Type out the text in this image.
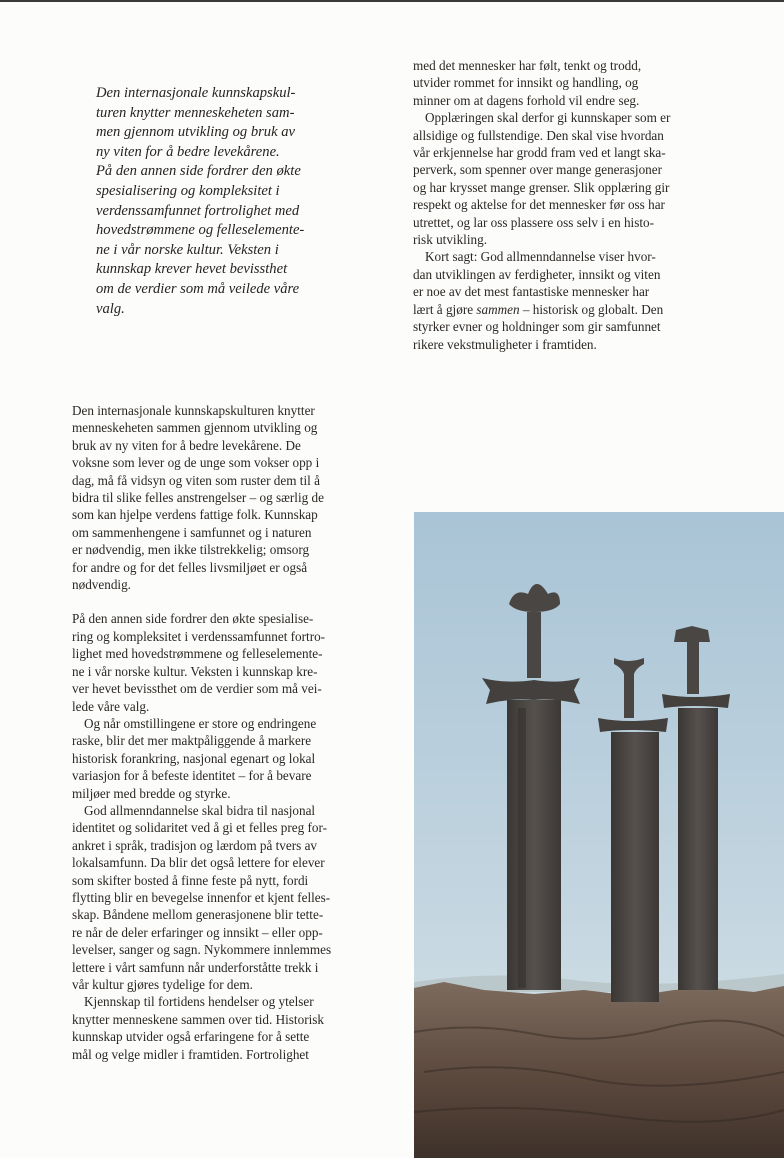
Den internasjonale kunnskapskul-

turen knytter menneskeheten sam-

men gjennom utvikling og bruk av

ny viten for å bedre levekårene.

På den annen side fordrer den økte

spesialisering og kompleksitet i

verdenssamfunnet fortrolighet med

hovedstrømmene og felleselemente-

ne i vår norske kultur. Veksten i

kunnskap krever hevet bevissthet

om de verdier som må veilede våre

valg.

med det mennesker har følt, tenkt og trodd,

utvider rommet for innsikt og handling, og

minner om at dagens forhold vil endre seg.

Opplæringen skal derfor gi kunnskaper som er

allsidige og fullstendige. Den skal vise hvordan

vår erkjennelse har grodd fram ved et langt ska-

perverk, som spenner over mange generasjoner

og har krysset mange grenser. Slik opplæring gir

respekt og aktelse for det mennesker før oss har

utrettet, og lar oss plassere oss selv i en histo-

risk utvikling.

Kort sagt: God allmenndannelse viser hvor-

dan utviklingen av ferdigheter, innsikt og viten

er noe av det mest fantastiske mennesker har

lært å gjøre sammen – historisk og globalt. Den

styrker evner og holdninger som gir samfunnet

rikere vekstmuligheter i framtiden.

Den internasjonale kunnskapskulturen knytter

menneskeheten sammen gjennom utvikling og

bruk av ny viten for å bedre levekårene. De

voksne som lever og de unge som vokser opp i

dag, må få vidsyn og viten som ruster dem til å

bidra til slike felles anstrengelser – og særlig de

som kan hjelpe verdens fattige folk. Kunnskap

om sammenhengene i samfunnet og i naturen

er nødvendig, men ikke tilstrekkelig; omsorg

for andre og for det felles livsmiljøet er også

nødvendig.

På den annen side fordrer den økte spesialise-

ring og kompleksitet i verdenssamfunnet fortro-

lighet med hovedstrømmene og felleselemente-

ne i vår norske kultur. Veksten i kunnskap kre-

ver hevet bevissthet om de verdier som må vei-

lede våre valg.

Og når omstillingene er store og endringene

raske, blir det mer maktpåliggende å markere

historisk forankring, nasjonal egenart og lokal

variasjon for å befeste identitet – for å bevare

miljøer med bredde og styrke.

God allmenndannelse skal bidra til nasjonal

identitet og solidaritet ved å gi et felles preg for-

ankret i språk, tradisjon og lærdom på tvers av

lokalsamfunn. Da blir det også lettere for elever

som skifter bosted å finne feste på nytt, fordi

flytting blir en bevegelse innenfor et kjent felles-

skap. Båndene mellom generasjonene blir tette-

re når de deler erfaringer og innsikt – eller opp-

levelser, sanger og sagn. Nykommere innlemmes

lettere i vårt samfunn når underforståtte trekk i

vår kultur gjøres tydelige for dem.

Kjennskap til fortidens hendelser og ytelser

knytter menneskene sammen over tid. Historisk

kunnskap utvider også erfaringene for å sette

mål og velge midler i framtiden. Fortrolighet
